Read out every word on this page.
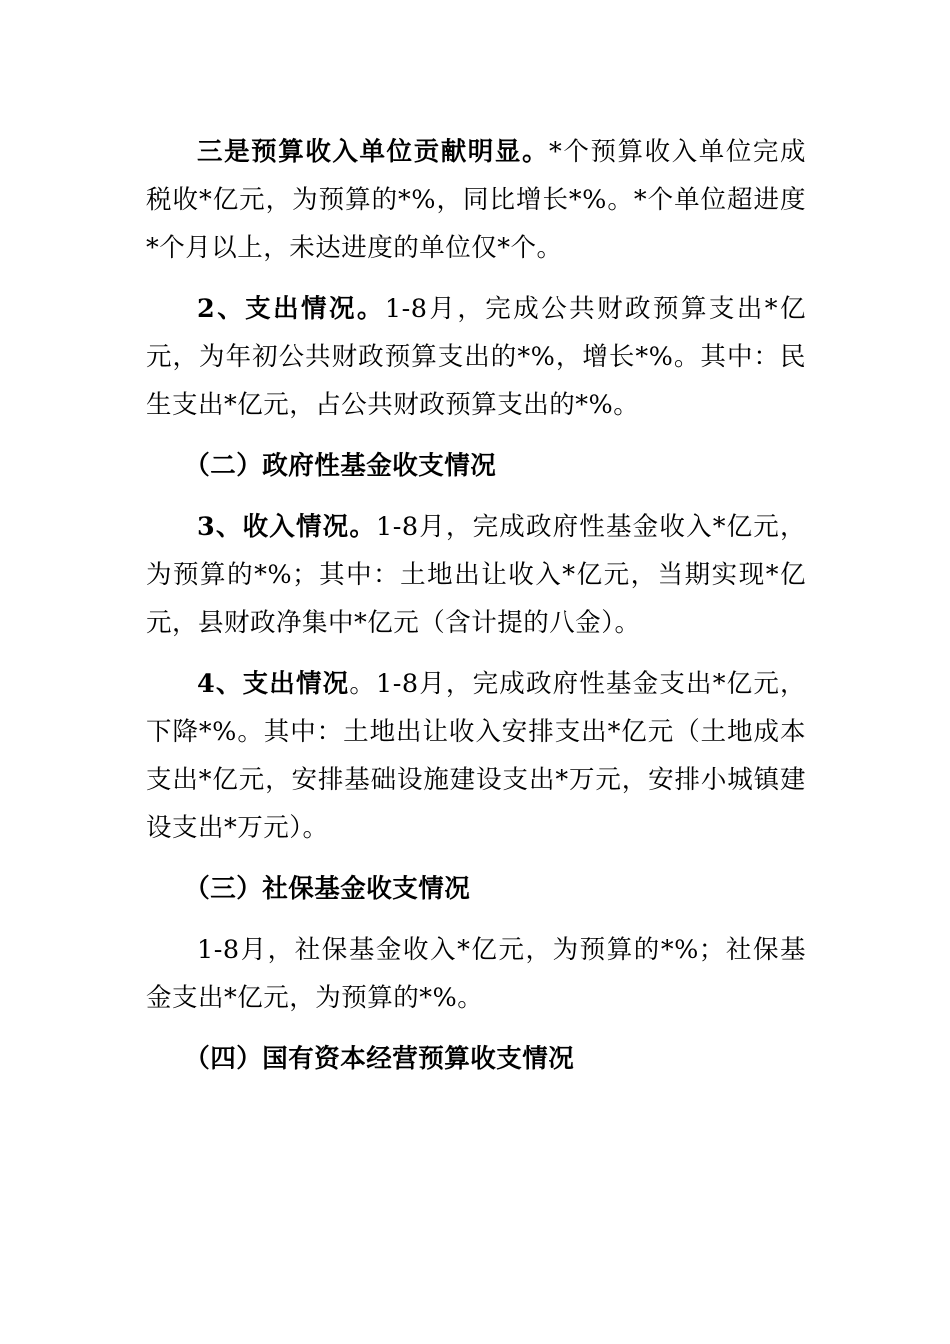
三是预算收入单位贡献明显。*个预算收入单位完成税收*亿元，为预算的*%，同比增长*%。*个单位超进度*个月以上，未达进度的单位仅*个。

2、支出情况。1-8月，完成公共财政预算支出*亿元，为年初公共财政预算支出的*%，增长*%。其中：民生支出*亿元，占公共财政预算支出的*%。

（二）政府性基金收支情况

3、收入情况。1-8月，完成政府性基金收入*亿元，为预算的*%；其中：土地出让收入*亿元，当期实现*亿元，县财政净集中*亿元（含计提的八金）。

4、支出情况。1-8月，完成政府性基金支出*亿元，下降*%。其中：土地出让收入安排支出*亿元（土地成本支出*亿元，安排基础设施建设支出*万元，安排小城镇建设支出*万元）。

（三）社保基金收支情况

1-8月，社保基金收入*亿元，为预算的*%；社保基金支出*亿元，为预算的*%。

（四）国有资本经营预算收支情况
